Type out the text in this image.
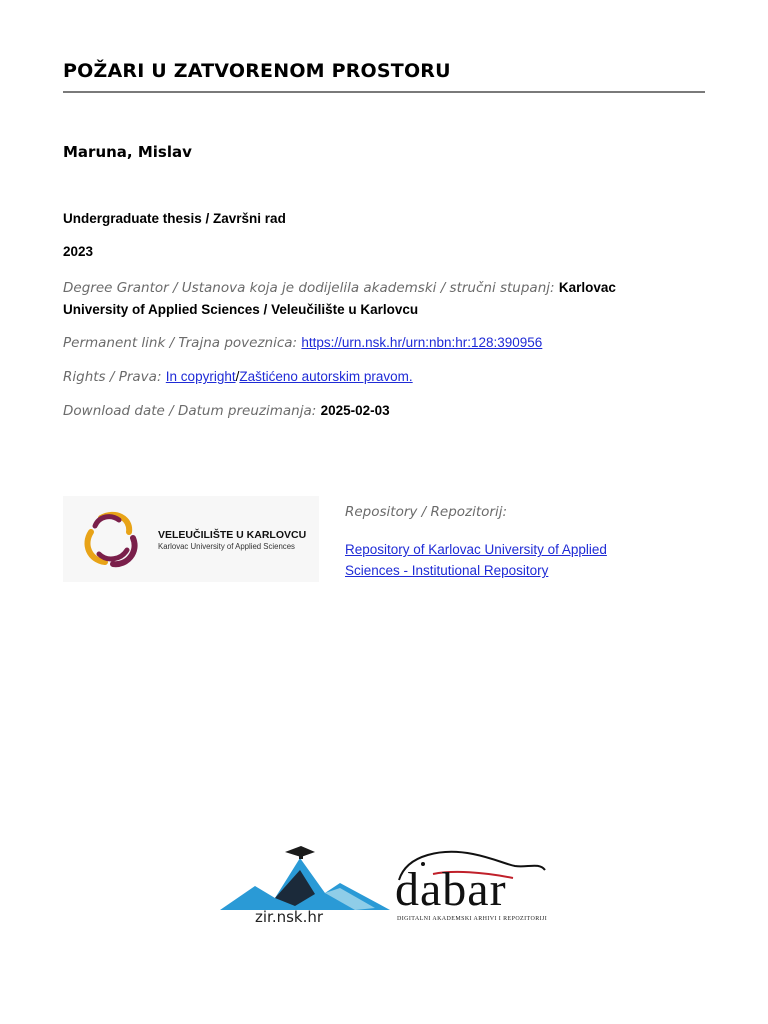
POŽARI U ZATVORENOM PROSTORU
Maruna, Mislav
Undergraduate thesis / Završni rad
2023
Degree Grantor / Ustanova koja je dodijelila akademski / stručni stupanj: Karlovac University of Applied Sciences / Veleučilište u Karlovcu
Permanent link / Trajna poveznica: https://urn.nsk.hr/urn:nbn:hr:128:390956
Rights / Prava: In copyright/Zaštićeno autorskim pravom.
Download date / Datum preuzimanja: 2025-02-03
VELEUČILIŠTE U KARLOVCU
Karlovac University of Applied Sciences
Repository / Repozitorij:
Repository of Karlovac University of Applied Sciences - Institutional Repository
zir.nsk.hr
dabar
DIGITALNI AKADEMSKI ARHIVI I REPOZITORIJI
